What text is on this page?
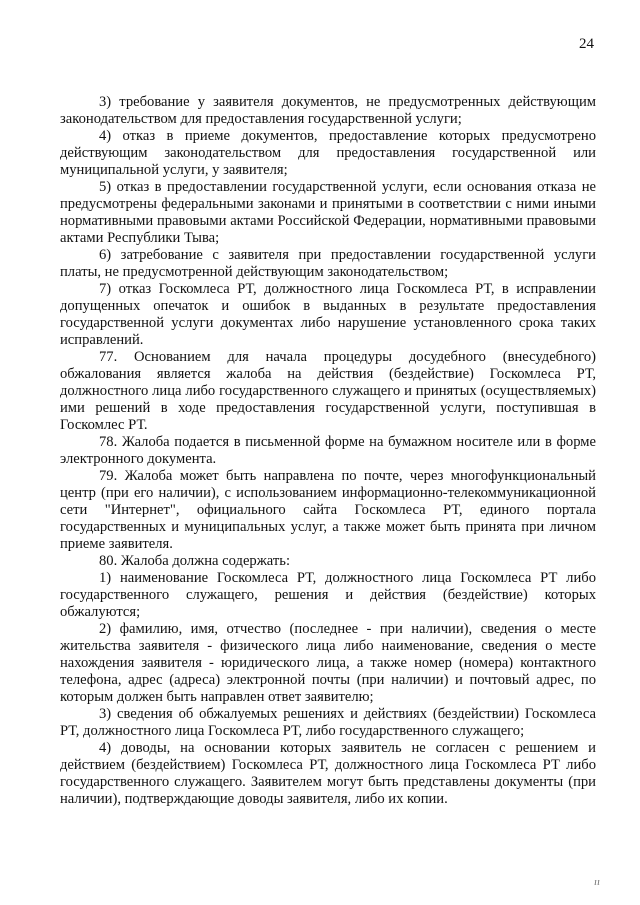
24

3) требование у заявителя документов, не предусмотренных действующим законодательством для предоставления государственной услуги;

4) отказ в приеме документов, предоставление которых предусмотрено действующим законодательством для предоставления государственной или муниципальной услуги, у заявителя;

5) отказ в предоставлении государственной услуги, если основания отказа не предусмотрены федеральными законами и принятыми в соответствии с ними иными нормативными правовыми актами Российской Федерации, нормативными правовыми актами Республики Тыва;

6) затребование с заявителя при предоставлении государственной услуги платы, не предусмотренной действующим законодательством;

7) отказ Госкомлеса РТ, должностного лица Госкомлеса РТ, в исправлении допущенных опечаток и ошибок в выданных в результате предоставления государственной услуги документах либо нарушение установленного срока таких исправлений.

77. Основанием для начала процедуры досудебного (внесудебного) обжалования является жалоба на действия (бездействие) Госкомлеса РТ, должностного лица либо государственного служащего и принятых (осуществляемых) ими решений в ходе предоставления государственной услуги, поступившая в Госкомлес РТ.

78. Жалоба подается в письменной форме на бумажном носителе или в форме электронного документа.

79. Жалоба может быть направлена по почте, через многофункциональный центр (при его наличии), с использованием информационно-телекоммуникационной сети "Интернет", официального сайта Госкомлеса РТ, единого портала государственных и муниципальных услуг, а также может быть принята при личном приеме заявителя.

80. Жалоба должна содержать:

1) наименование Госкомлеса РТ, должностного лица Госкомлеса РТ либо государственного служащего, решения и действия (бездействие) которых обжалуются;

2) фамилию, имя, отчество (последнее - при наличии), сведения о месте жительства заявителя - физического лица либо наименование, сведения о месте нахождения заявителя - юридического лица, а также номер (номера) контактного телефона, адрес (адреса) электронной почты (при наличии) и почтовый адрес, по которым должен быть направлен ответ заявителю;

3) сведения об обжалуемых решениях и действиях (бездействии) Госкомлеса РТ, должностного лица Госкомлеса РТ, либо государственного служащего;

4) доводы, на основании которых заявитель не согласен с решением и действием (бездействием) Госкомлеса РТ, должностного лица Госкомлеса РТ либо государственного служащего. Заявителем могут быть представлены документы (при наличии), подтверждающие доводы заявителя, либо их копии.

ıı
